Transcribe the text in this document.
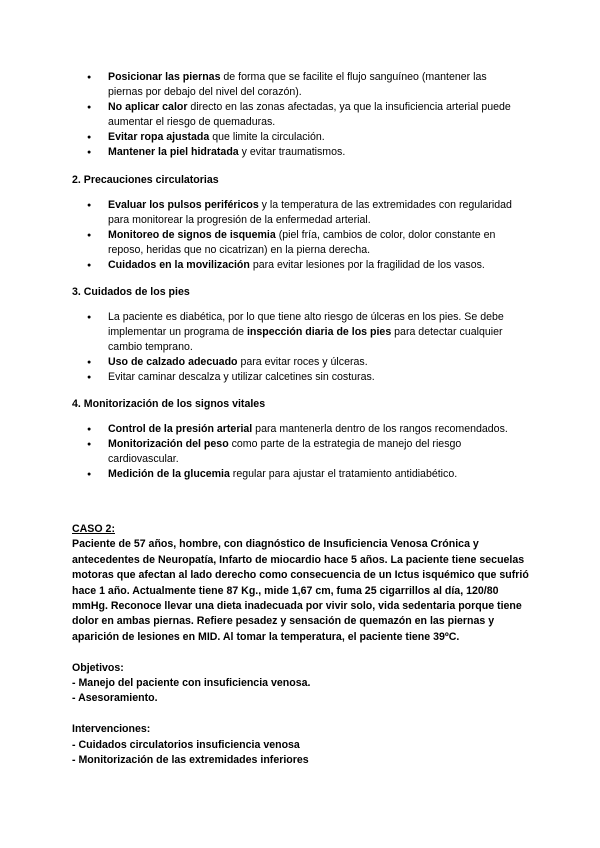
● Posicionar las piernas de forma que se facilite el flujo sanguíneo (mantener las piernas por debajo del nivel del corazón).
● No aplicar calor directo en las zonas afectadas, ya que la insuficiencia arterial puede aumentar el riesgo de quemaduras.
● Evitar ropa ajustada que limite la circulación.
● Mantener la piel hidratada y evitar traumatismos.

2. Precauciones circulatorias

● Evaluar los pulsos periféricos y la temperatura de las extremidades con regularidad para monitorear la progresión de la enfermedad arterial.
● Monitoreo de signos de isquemia (piel fría, cambios de color, dolor constante en reposo, heridas que no cicatrizan) en la pierna derecha.
● Cuidados en la movilización para evitar lesiones por la fragilidad de los vasos.

3. Cuidados de los pies

● La paciente es diabética, por lo que tiene alto riesgo de úlceras en los pies. Se debe implementar un programa de inspección diaria de los pies para detectar cualquier cambio temprano.
● Uso de calzado adecuado para evitar roces y úlceras.
● Evitar caminar descalza y utilizar calcetines sin costuras.

4. Monitorización de los signos vitales

● Control de la presión arterial para mantenerla dentro de los rangos recomendados.
● Monitorización del peso como parte de la estrategia de manejo del riesgo cardiovascular.
● Medición de la glucemia regular para ajustar el tratamiento antidiabético.

CASO 2:

Paciente de 57 años, hombre, con diagnóstico de Insuficiencia Venosa Crónica y antecedentes de Neuropatía, Infarto de miocardio hace 5 años. La paciente tiene secuelas motoras que afectan al lado derecho como consecuencia de un Ictus isquémico que sufrió hace 1 año. Actualmente tiene 87 Kg., mide 1,67 cm, fuma 25 cigarrillos al día, 120/80 mmHg. Reconoce llevar una dieta inadecuada por vivir solo, vida sedentaria porque tiene dolor en ambas piernas. Refiere pesadez y sensación de quemazón en las piernas y aparición de lesiones en MID. Al tomar la temperatura, el paciente tiene 39ºC.

Objetivos:

- Manejo del paciente con insuficiencia venosa.

- Asesoramiento.

Intervenciones:

- Cuidados circulatorios insuficiencia venosa

- Monitorización de las extremidades inferiores
